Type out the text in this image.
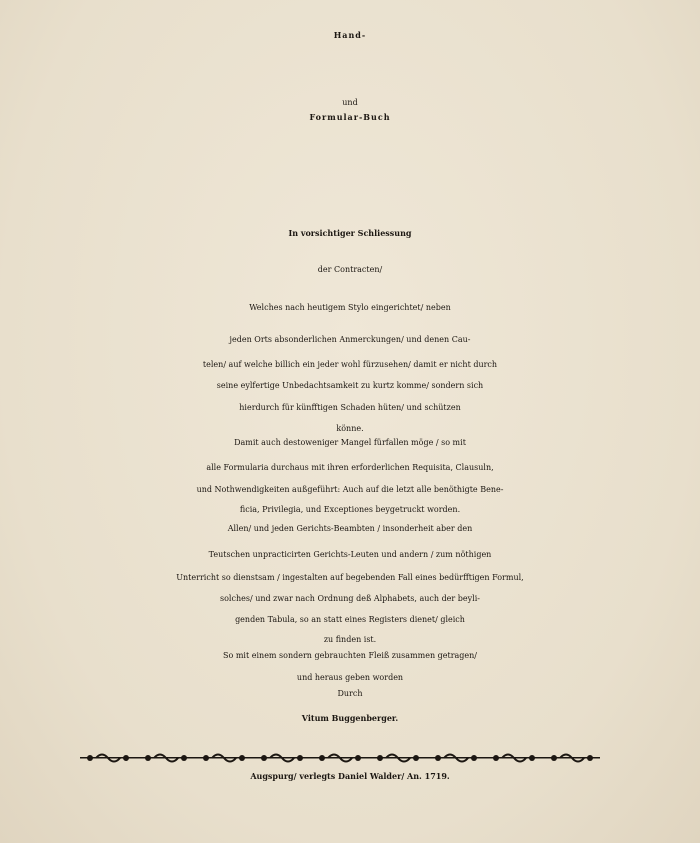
Hand-
und
Formular-Buch
In vorsichtiger Schliessung
der Contracten/
Welches nach heutigem Stylo eingerichtet/ neben
jeden Orts absonderlichen Anmerckungen/ und denen Cau-
telen/ auf welche billich ein jeder wohl fürzusehen/ damit er nicht durch
seine eylfertige Unbedachtsamkeit zu kurtz komme/ sondern sich
hierdurch für künfftigen Schaden hüten/ und schützen
könne.
Damit auch destoweniger Mangel fürfallen möge / so mit
alle Formularia durchaus mit ihren erforderlichen Requisita, Clausuln,
und Nothwendigkeiten außgeführt: Auch auf die letzt alle benöthigte Bene-
ficia, Privilegia, und Exceptiones beygetruckt worden.
Allen/ und jeden Gerichts-Beambten / insonderheit aber den
Teutschen unpracticirten Gerichts-Leuten und andern / zum nöthigen
Unterricht so dienstsam / ingestalten auf begebenden Fall eines bedürfftigen Formul,
solches/ und zwar nach Ordnung deß Alphabets, auch der beyli-
genden Tabula, so an statt eines Registers dienet/ gleich
zu finden ist.
So mit einem sondern gebrauchten Fleiß zusammen getragen/
und heraus geben worden
Durch
Vitum Buggenberger.
Augspurg/ verlegts Daniel Walder/ An. 1719.
